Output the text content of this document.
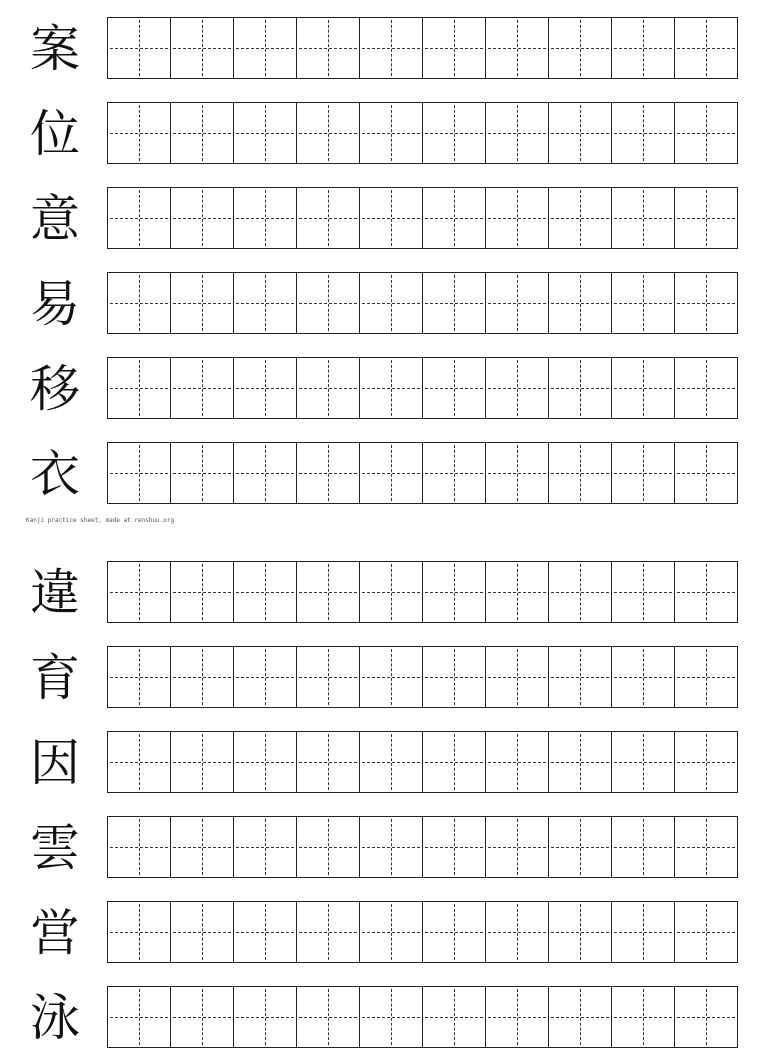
案
位
意
易
移
衣
Kanji practice sheet, made at renshuu.org
違
育
因
雲
営
泳
